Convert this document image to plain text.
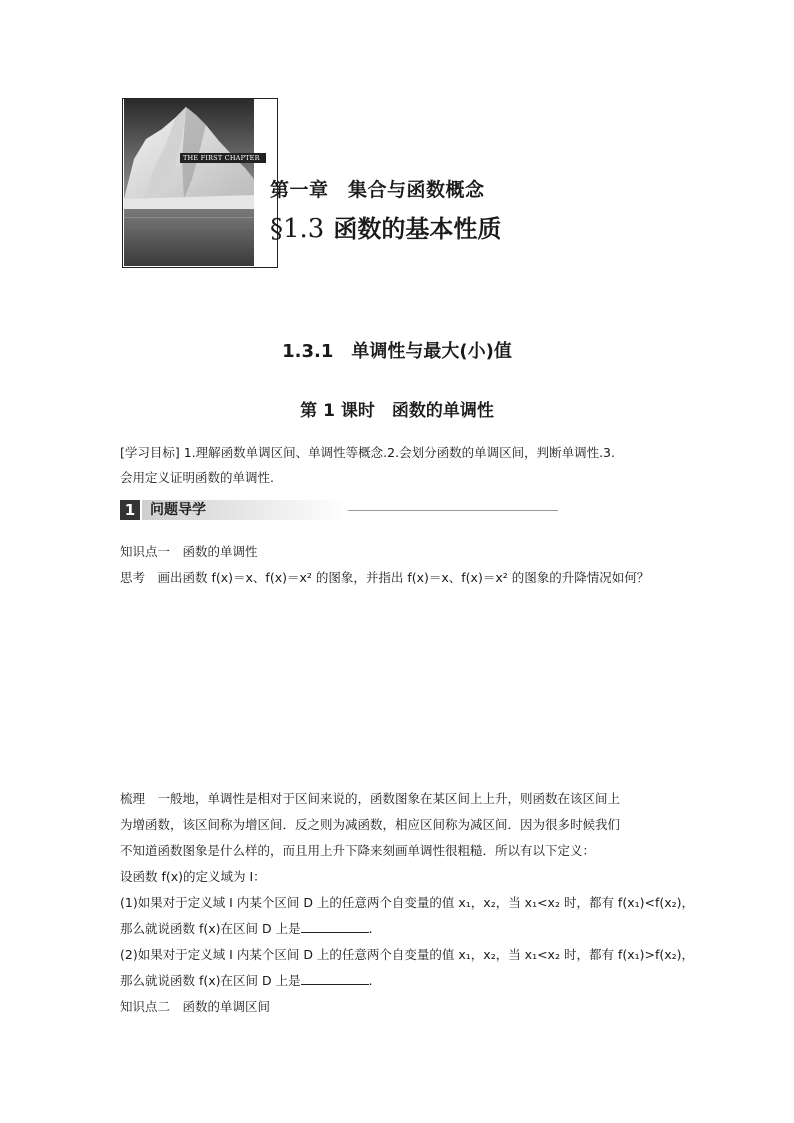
THE FIRST CHAPTER
第一章　集合与函数概念
§1.3 函数的基本性质
1.3.1　单调性与最大(小)值
第 1 课时　函数的单调性
[学习目标] 1.理解函数单调区间、单调性等概念.2.会划分函数的单调区间，判断单调性.3.
会用定义证明函数的单调性.
1	问题导学
知识点一　函数的单调性
思考　画出函数 f(x)＝x、f(x)＝x² 的图象，并指出 f(x)＝x、f(x)＝x² 的图象的升降情况如何？
梳理　一般地，单调性是相对于区间来说的，函数图象在某区间上上升，则函数在该区间上
为增函数，该区间称为增区间．反之则为减函数，相应区间称为减区间．因为很多时候我们
不知道函数图象是什么样的，而且用上升下降来刻画单调性很粗糙．所以有以下定义：
设函数 f(x)的定义域为 I：
(1)如果对于定义域 I 内某个区间 D 上的任意两个自变量的值 x₁，x₂，当 x₁<x₂ 时，都有 f(x₁)<f(x₂)，
那么就说函数 f(x)在区间 D 上是	.
(2)如果对于定义域 I 内某个区间 D 上的任意两个自变量的值 x₁，x₂，当 x₁<x₂ 时，都有 f(x₁)>f(x₂)，
那么就说函数 f(x)在区间 D 上是	.
知识点二　函数的单调区间
